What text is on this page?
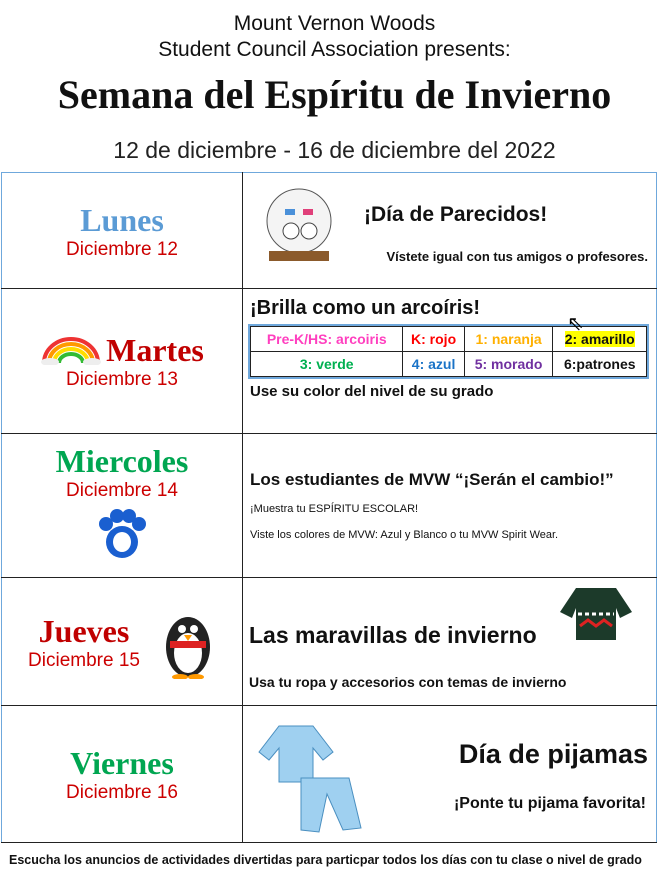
Mount Vernon Woods
Student Council Association presents:
Semana del Espíritu de Invierno
12 de diciembre - 16 de diciembre del 2022
Lunes
Diciembre 12

¡Día de Parecidos!
Vístete igual con tus amigos o profesores.

Martes
Diciembre 13

¡Brilla como un arcoíris!
Pre-K/HS: arcoiris	K: rojo	1: naranja	2: amarillo
3: verde	4: azul	5: morado	6:patrones
Use su color del nivel de su grado

Miercoles
Diciembre 14

Los estudiantes de MVW “¡Serán el cambio!”
¡Muestra tu ESPÍRITU ESCOLAR!
Viste los colores de MVW: Azul y Blanco o tu MVW Spirit Wear.

Jueves
Diciembre 15

Las maravillas de invierno
Usa tu ropa y accesorios con temas de invierno

Viernes
Diciembre 16

Día de pijamas
¡Ponte tu pijama favorita!
⇖
Escucha los anuncios de actividades divertidas para particpar todos los días con tu clase o nivel de grado
